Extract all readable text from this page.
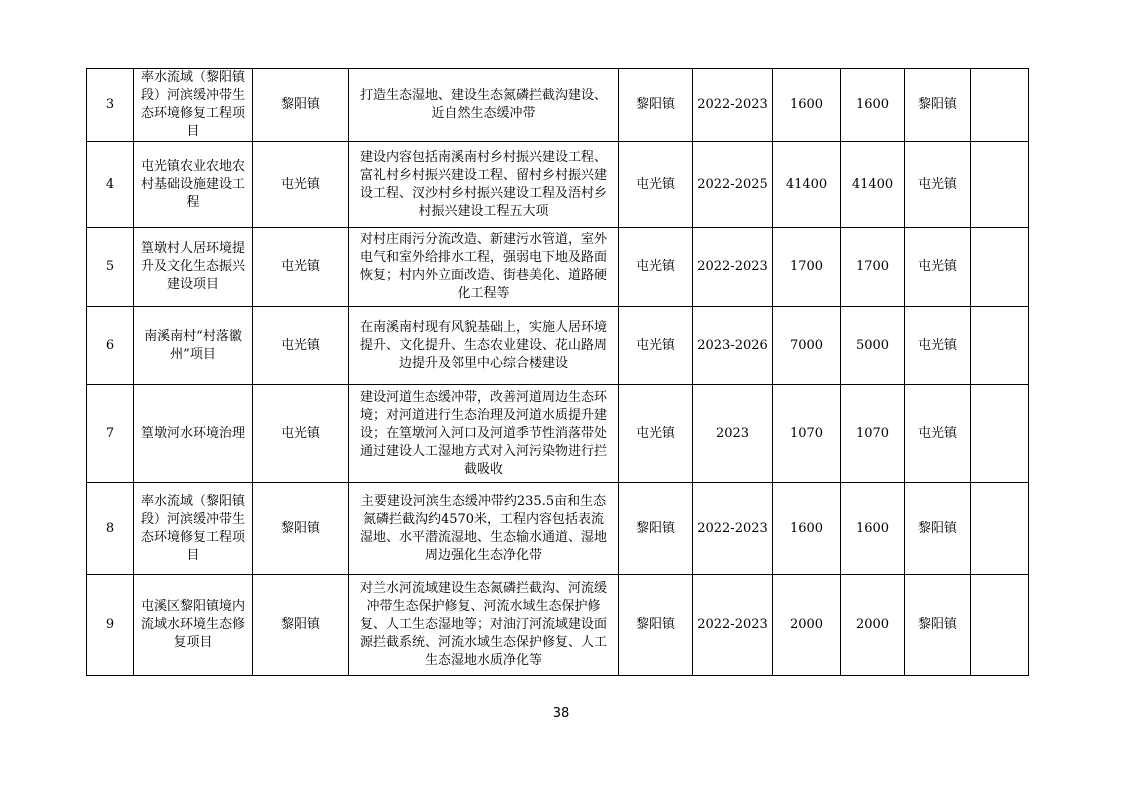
3	率水流域（黎阳镇段）河滨缓冲带生态环境修复工程项目	黎阳镇	打造生态湿地、建设生态氮磷拦截沟建设、近自然生态缓冲带	黎阳镇	2022-2023	1600	1600	黎阳镇	
4	屯光镇农业农地农村基础设施建设工程	屯光镇	建设内容包括南溪南村乡村振兴建设工程、富礼村乡村振兴建设工程、留村乡村振兴建设工程、汊沙村乡村振兴建设工程及浯村乡村振兴建设工程五大项	屯光镇	2022-2025	41400	41400	屯光镇	
5	篁墩村人居环境提升及文化生态振兴建设项目	屯光镇	对村庄雨污分流改造、新建污水管道，室外电气和室外给排水工程，强弱电下地及路面恢复；村内外立面改造、街巷美化、道路硬化工程等	屯光镇	2022-2023	1700	1700	屯光镇	
6	南溪南村“村落徽州”项目	屯光镇	在南溪南村现有风貌基础上，实施人居环境提升、文化提升、生态农业建设、花山路周边提升及邻里中心综合楼建设	屯光镇	2023-2026	7000	5000	屯光镇	
7	篁墩河水环境治理	屯光镇	建设河道生态缓冲带，改善河道周边生态环境；对河道进行生态治理及河道水质提升建设；在篁墩河入河口及河道季节性消落带处通过建设人工湿地方式对入河污染物进行拦截吸收	屯光镇	2023	1070	1070	屯光镇	
8	率水流域（黎阳镇段）河滨缓冲带生态环境修复工程项目	黎阳镇	主要建设河滨生态缓冲带约235.5亩和生态氮磷拦截沟约4570米，工程内容包括表流湿地、水平潜流湿地、生态输水通道、湿地周边强化生态净化带	黎阳镇	2022-2023	1600	1600	黎阳镇	
9	屯溪区黎阳镇境内流域水环境生态修复项目	黎阳镇	对兰水河流域建设生态氮磷拦截沟、河流缓冲带生态保护修复、河流水域生态保护修复、人工生态湿地等；对油汀河流域建设面源拦截系统、河流水域生态保护修复、人工生态湿地水质净化等	黎阳镇	2022-2023	2000	2000	黎阳镇	
38
